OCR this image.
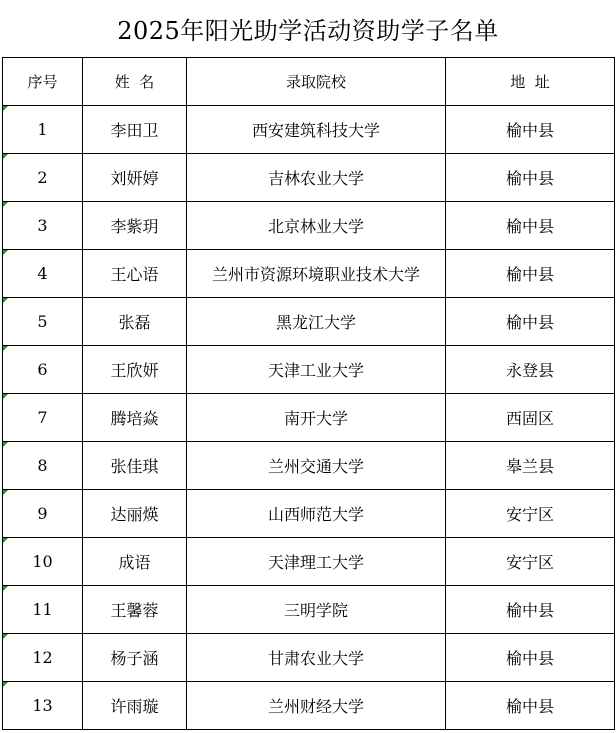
2025年阳光助学活动资助学子名单
序号	姓  名	录取院校	地  址

1	李田卫	西安建筑科技大学	榆中县

2	刘妍婷	吉林农业大学	榆中县

3	李紫玥	北京林业大学	榆中县

4	王心语	兰州市资源环境职业技术大学	榆中县

5	张磊	黑龙江大学	榆中县

6	王欣妍	天津工业大学	永登县

7	腾培焱	南开大学	西固区

8	张佳琪	兰州交通大学	皋兰县

9	达丽煐	山西师范大学	安宁区

10	成语	天津理工大学	安宁区

11	王馨蓉	三明学院	榆中县

12	杨子涵	甘肃农业大学	榆中县

13	许雨璇	兰州财经大学	榆中县
